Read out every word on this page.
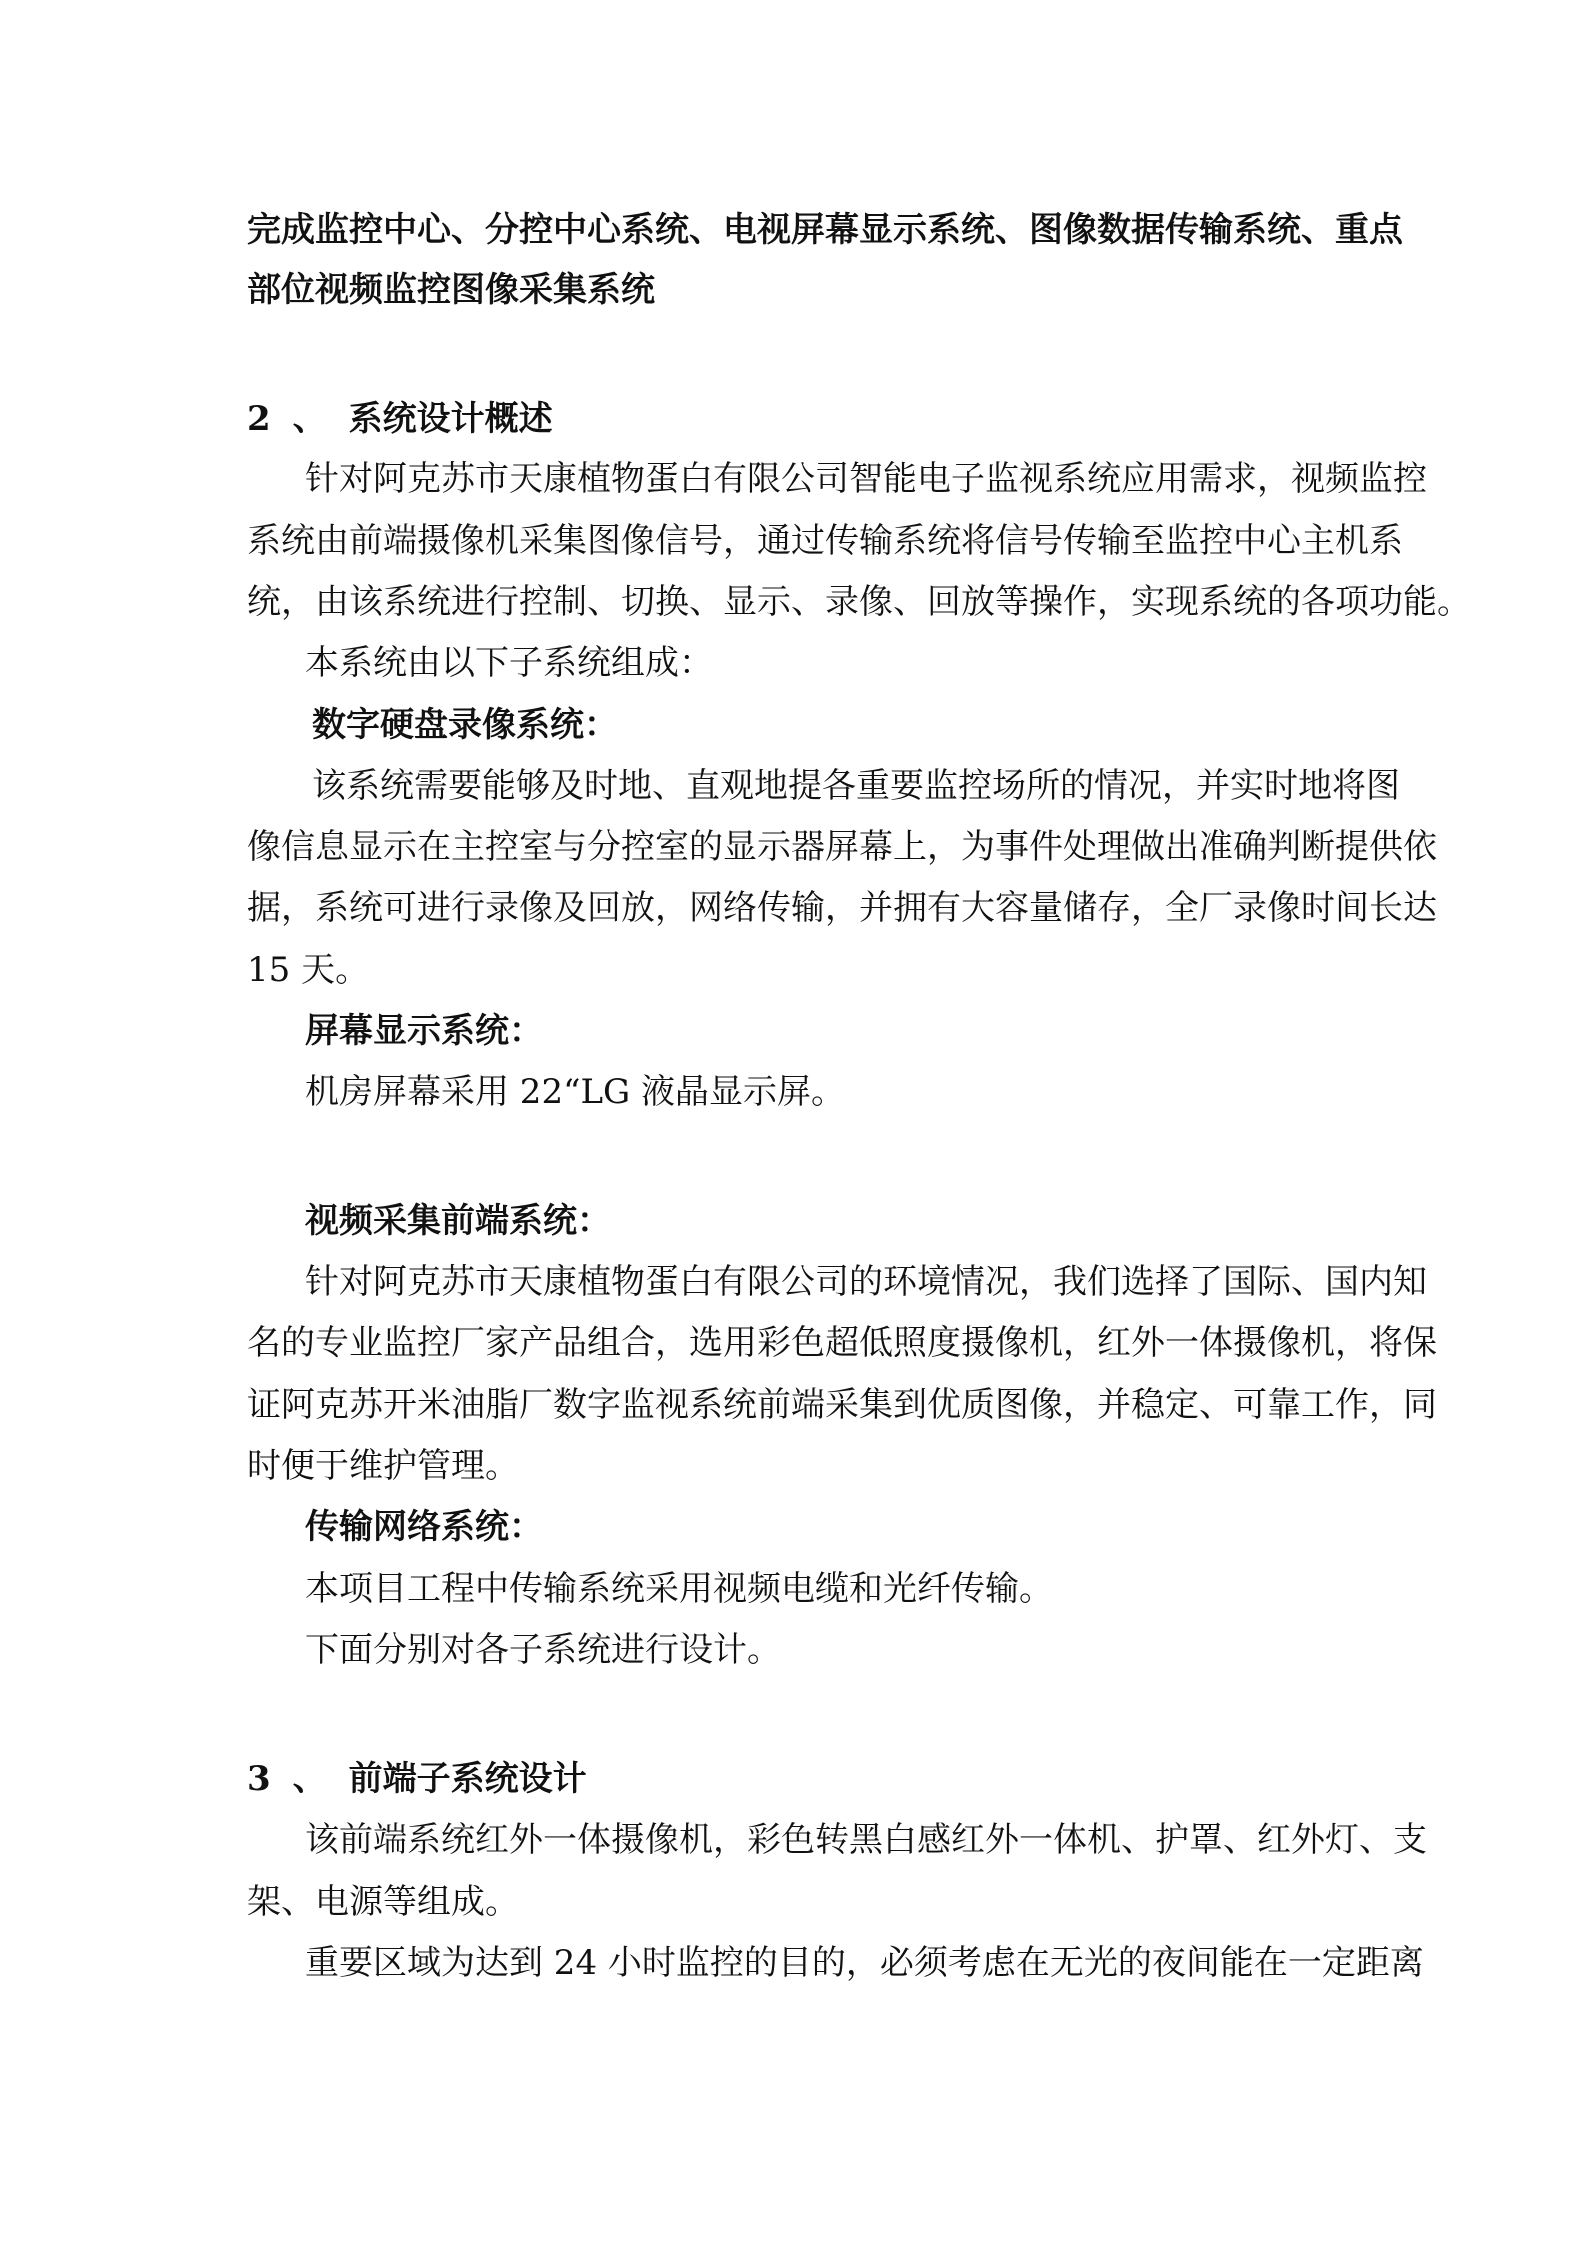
完成监控中心、分控中心系统、电视屏幕显示系统、图像数据传输系统、重点
部位视频监控图像采集系统
2 、 系统设计概述
针对阿克苏市天康植物蛋白有限公司智能电子监视系统应用需求，视频监控
系统由前端摄像机采集图像信号，通过传输系统将信号传输至监控中心主机系
统，由该系统进行控制、切换、显示、录像、回放等操作，实现系统的各项功能。
本系统由以下子系统组成：
数字硬盘录像系统：
该系统需要能够及时地、直观地提各重要监控场所的情况，并实时地将图
像信息显示在主控室与分控室的显示器屏幕上，为事件处理做出准确判断提供依
据，系统可进行录像及回放，网络传输，并拥有大容量储存，全厂录像时间长达
15 天。
屏幕显示系统：
机房屏幕采用 22“LG 液晶显示屏。
视频采集前端系统：
针对阿克苏市天康植物蛋白有限公司的环境情况，我们选择了国际、国内知
名的专业监控厂家产品组合，选用彩色超低照度摄像机，红外一体摄像机，将保
证阿克苏开米油脂厂数字监视系统前端采集到优质图像，并稳定、可靠工作，同
时便于维护管理。
传输网络系统：
本项目工程中传输系统采用视频电缆和光纤传输。
下面分别对各子系统进行设计。
3 、 前端子系统设计
该前端系统红外一体摄像机，彩色转黑白感红外一体机、护罩、红外灯、支
架、电源等组成。
重要区域为达到 24 小时监控的目的，必须考虑在无光的夜间能在一定距离
